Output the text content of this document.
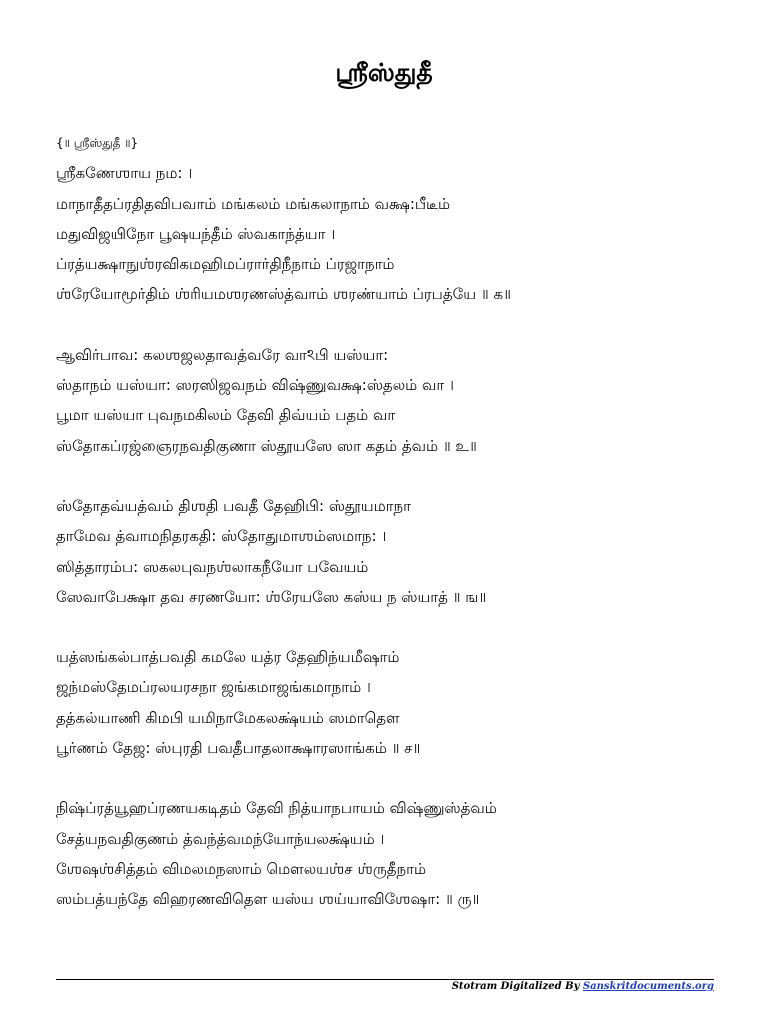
ஶ்ரீஸ்துதீ
{॥ ஶ்ரீஸ்துதீ ॥}
ஶ்ரீகணேஶாய நம꞉ ।
மாநாதீதப்ரதிதவிபவாம் மங்கலம் மங்கலாநாம் வக்ஷ꞉பீடீம்
மதுவிஜயிநோ பூஷயந்தீம் ஸ்வகாந்த்யா ।
ப்ரத்யக்ஷாநுஶ்ரவிகமஹிமப்ரார்திநீநாம் ப்ரஜாநாம்
ஶ்ரேயோமூர்திம் ஶ்ரியமஶரணஸ்த்வாம் ஶரண்யாம் ப்ரபத்யே ॥ க॥
ஆவிர்பாவ꞉ கலஶஜலதாவத்வரே வாঽபி யஸ்யா꞉
ஸ்தாநம் யஸ்யா꞉ ஸரஸிஜவநம் விஷ்ணுவக்ஷ꞉ஸ்தலம் வா ।
பூமா யஸ்யா புவநமகிலம் தேவி திவ்யம் பதம் வா
ஸ்தோகப்ரஜ்ஞைரநவதிகுணா ஸ்தூயஸே ஸா கதம் த்வம் ॥ உ॥
ஸ்தோதவ்யத்வம் திஶதி பவதீ தேஹிபி꞉ ஸ்தூயமாநா
தாமேவ த்வாமநிதரகதி꞉ ஸ்தோதுமாஶம்ஸமாந꞉ ।
ஸித்தாரம்ப꞉ ஸகலபுவநஶ்லாகநீயோ பவேயம்
ஸேவாபேக்ஷா தவ சரணயோ꞉ ஶ்ரேயஸே கஸ்ய ந ஸ்யாத் ॥ ங॥
யத்ஸங்கல்பாத்பவதி கமலே யத்ர தேஹிந்யமீஷாம்
ஜந்மஸ்தேமப்ரலயரசநா ஜங்கமாஜங்கமாநாம் ।
தத்கல்யாணி கிமபி யமிநாமேகலக்ஷ்யம் ஸமாதௌ
பூர்ணம் தேஜ꞉ ஸ்புரதி பவதீபாதலாக்ஷாரஸாங்கம் ॥ ச॥
நிஷ்ப்ரத்யூஹப்ரணயகடிதம் தேவி நித்யாநபாயம் விஷ்ணுஸ்த்வம்
சேத்யநவதிகுணம் த்வந்த்வமந்யோந்யலக்ஷ்யம் ।
ஶேஷஶ்சித்தம் விமலமநஸாம் மௌலயஶ்ச ஶ்ருதீநாம்
ஸம்பத்யந்தே விஹரணவிதௌ யஸ்ய ஶய்யாவிஶேஷா꞉ ॥ ரு॥
Stotram Digitalized By Sanskritdocuments.org
